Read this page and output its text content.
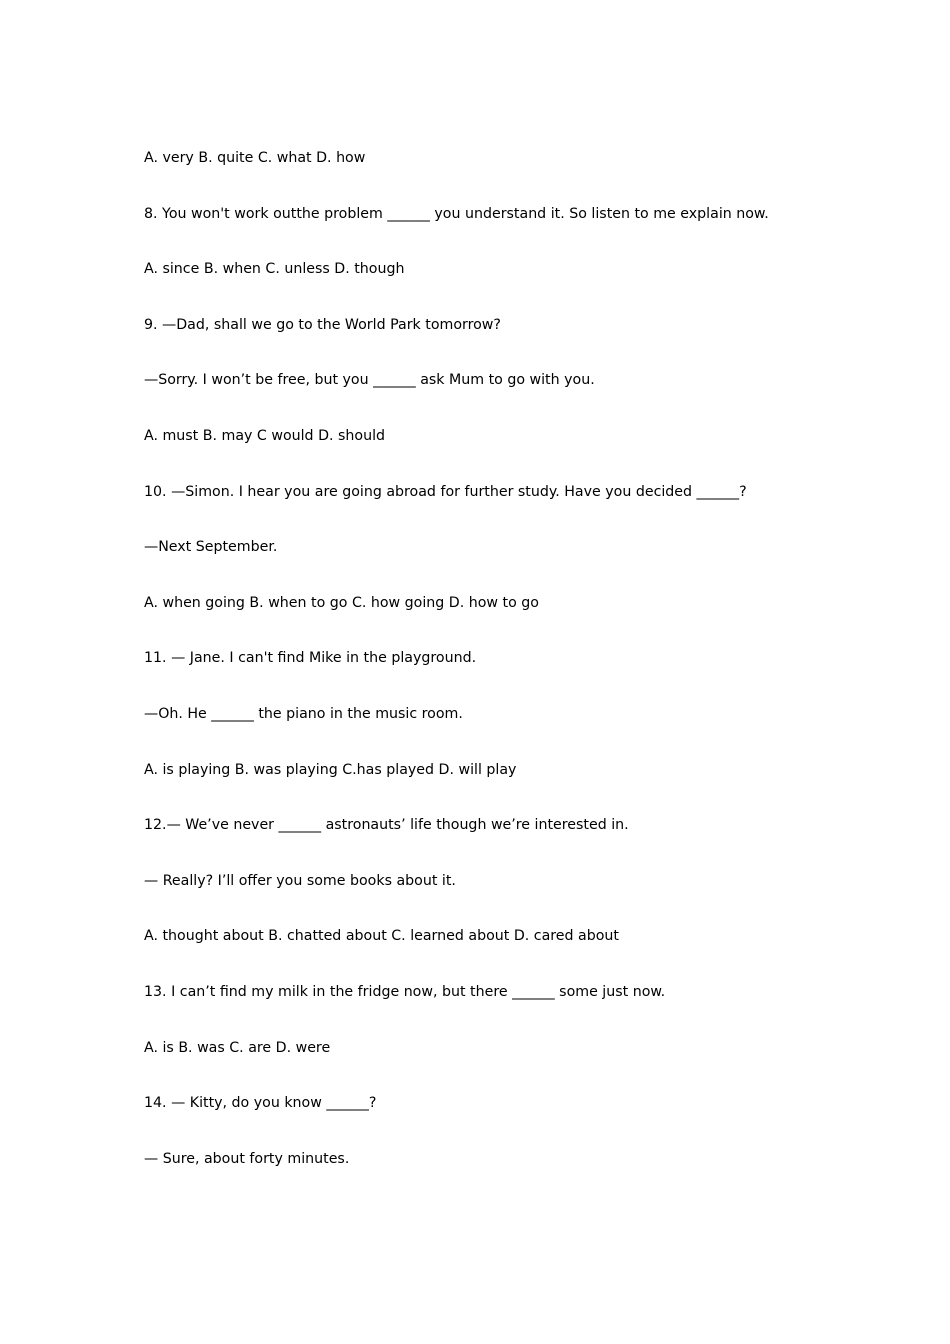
A. very B. quite C. what D. how
8. You won't work outthe problem ______ you understand it. So listen to me explain now.
A. since B. when C. unless D. though
9. —Dad, shall we go to the World Park tomorrow?
—Sorry. I won’t be free, but you ______ ask Mum to go with you.
A. must B. may C would D. should
10. —Simon. I hear you are going abroad for further study. Have you decided ______?
—Next September.
A. when going B. when to go C. how going D. how to go
11. — Jane. I can't find Mike in the playground.
—Oh. He ______ the piano in the music room.
A. is playing B. was playing C.has played D. will play
12.— We’ve never ______ astronauts’ life though we’re interested in.
— Really? I’ll offer you some books about it.
A. thought about B. chatted about C. learned about D. cared about
13. I can’t find my milk in the fridge now, but there ______ some just now.
A. is B. was C. are D. were
14. — Kitty, do you know ______?
— Sure, about forty minutes.
